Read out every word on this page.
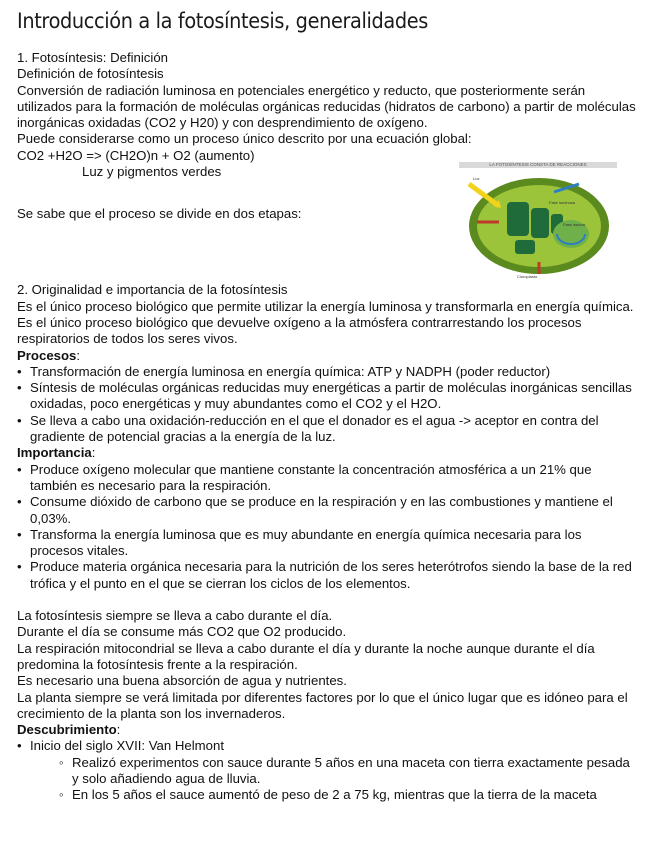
Introducción a la fotosíntesis, generalidades

1. Fotosíntesis: Definición

Definición de fotosíntesis

Conversión de radiación luminosa en potenciales energético y reducto, que posteriormente serán utilizados para la formación de moléculas orgánicas reducidas (hidratos de carbono) a partir de moléculas inorgánicas oxidadas (CO2 y H20) y con desprendimiento de oxígeno.

Puede considerarse como un proceso único descrito por una ecuación global:

CO2 +H2O => (CH2O)n + O2 (aumento)

Luz y pigmentos verdes

Se sabe que el proceso se divide en dos etapas:

Luz
Fase luminosa
Fase oscura
Cloroplasto
LA FOTOSÍNTESIS CONSTA DE REACCIONES

2. Originalidad e importancia de la fotosíntesis

Es el único proceso biológico que permite utilizar la energía luminosa y transformarla en energía química.

Es el único proceso biológico que devuelve oxígeno a la atmósfera contrarrestando los procesos respiratorios de todos los seres vivos.

Procesos:

• Transformación de energía luminosa en energía química: ATP y NADPH (poder reductor)
• Síntesis de moléculas orgánicas reducidas muy energéticas a partir de moléculas inorgánicas sencillas oxidadas, poco energéticas y muy abundantes como el CO2 y el H2O.
• Se lleva a cabo una oxidación-reducción en el que el donador es el agua -> aceptor en contra del gradiente de potencial gracias a la energía de la luz.

Importancia:

• Produce oxígeno molecular que mantiene constante la concentración atmosférica a un 21% que también es necesario para la respiración.
• Consume dióxido de carbono que se produce en la respiración y en las combustiones y mantiene el 0,03%.
• Transforma la energía luminosa que es muy abundante en energía química necesaria para los procesos vitales.
• Produce materia orgánica necesaria para la nutrición de los seres heterótrofos siendo la base de la red trófica y el punto en el que se cierran los ciclos de los elementos.

La fotosíntesis siempre se lleva a cabo durante el día.

Durante el día se consume más CO2 que O2 producido.

La respiración mitocondrial se lleva a cabo durante el día y durante la noche aunque durante el día predomina la fotosíntesis frente a la respiración.

Es necesario una buena absorción de agua y nutrientes.

La planta siempre se verá limitada por diferentes factores por lo que el único lugar que es idóneo para el crecimiento de la planta son los invernaderos.

Descubrimiento:

• Inicio del siglo XVII: Van Helmont
◦ Realizó experimentos con sauce durante 5 años en una maceta con tierra exactamente pesada y solo añadiendo agua de lluvia.
◦ En los 5 años el sauce aumentó de peso de 2 a 75 kg, mientras que la tierra de la maceta
